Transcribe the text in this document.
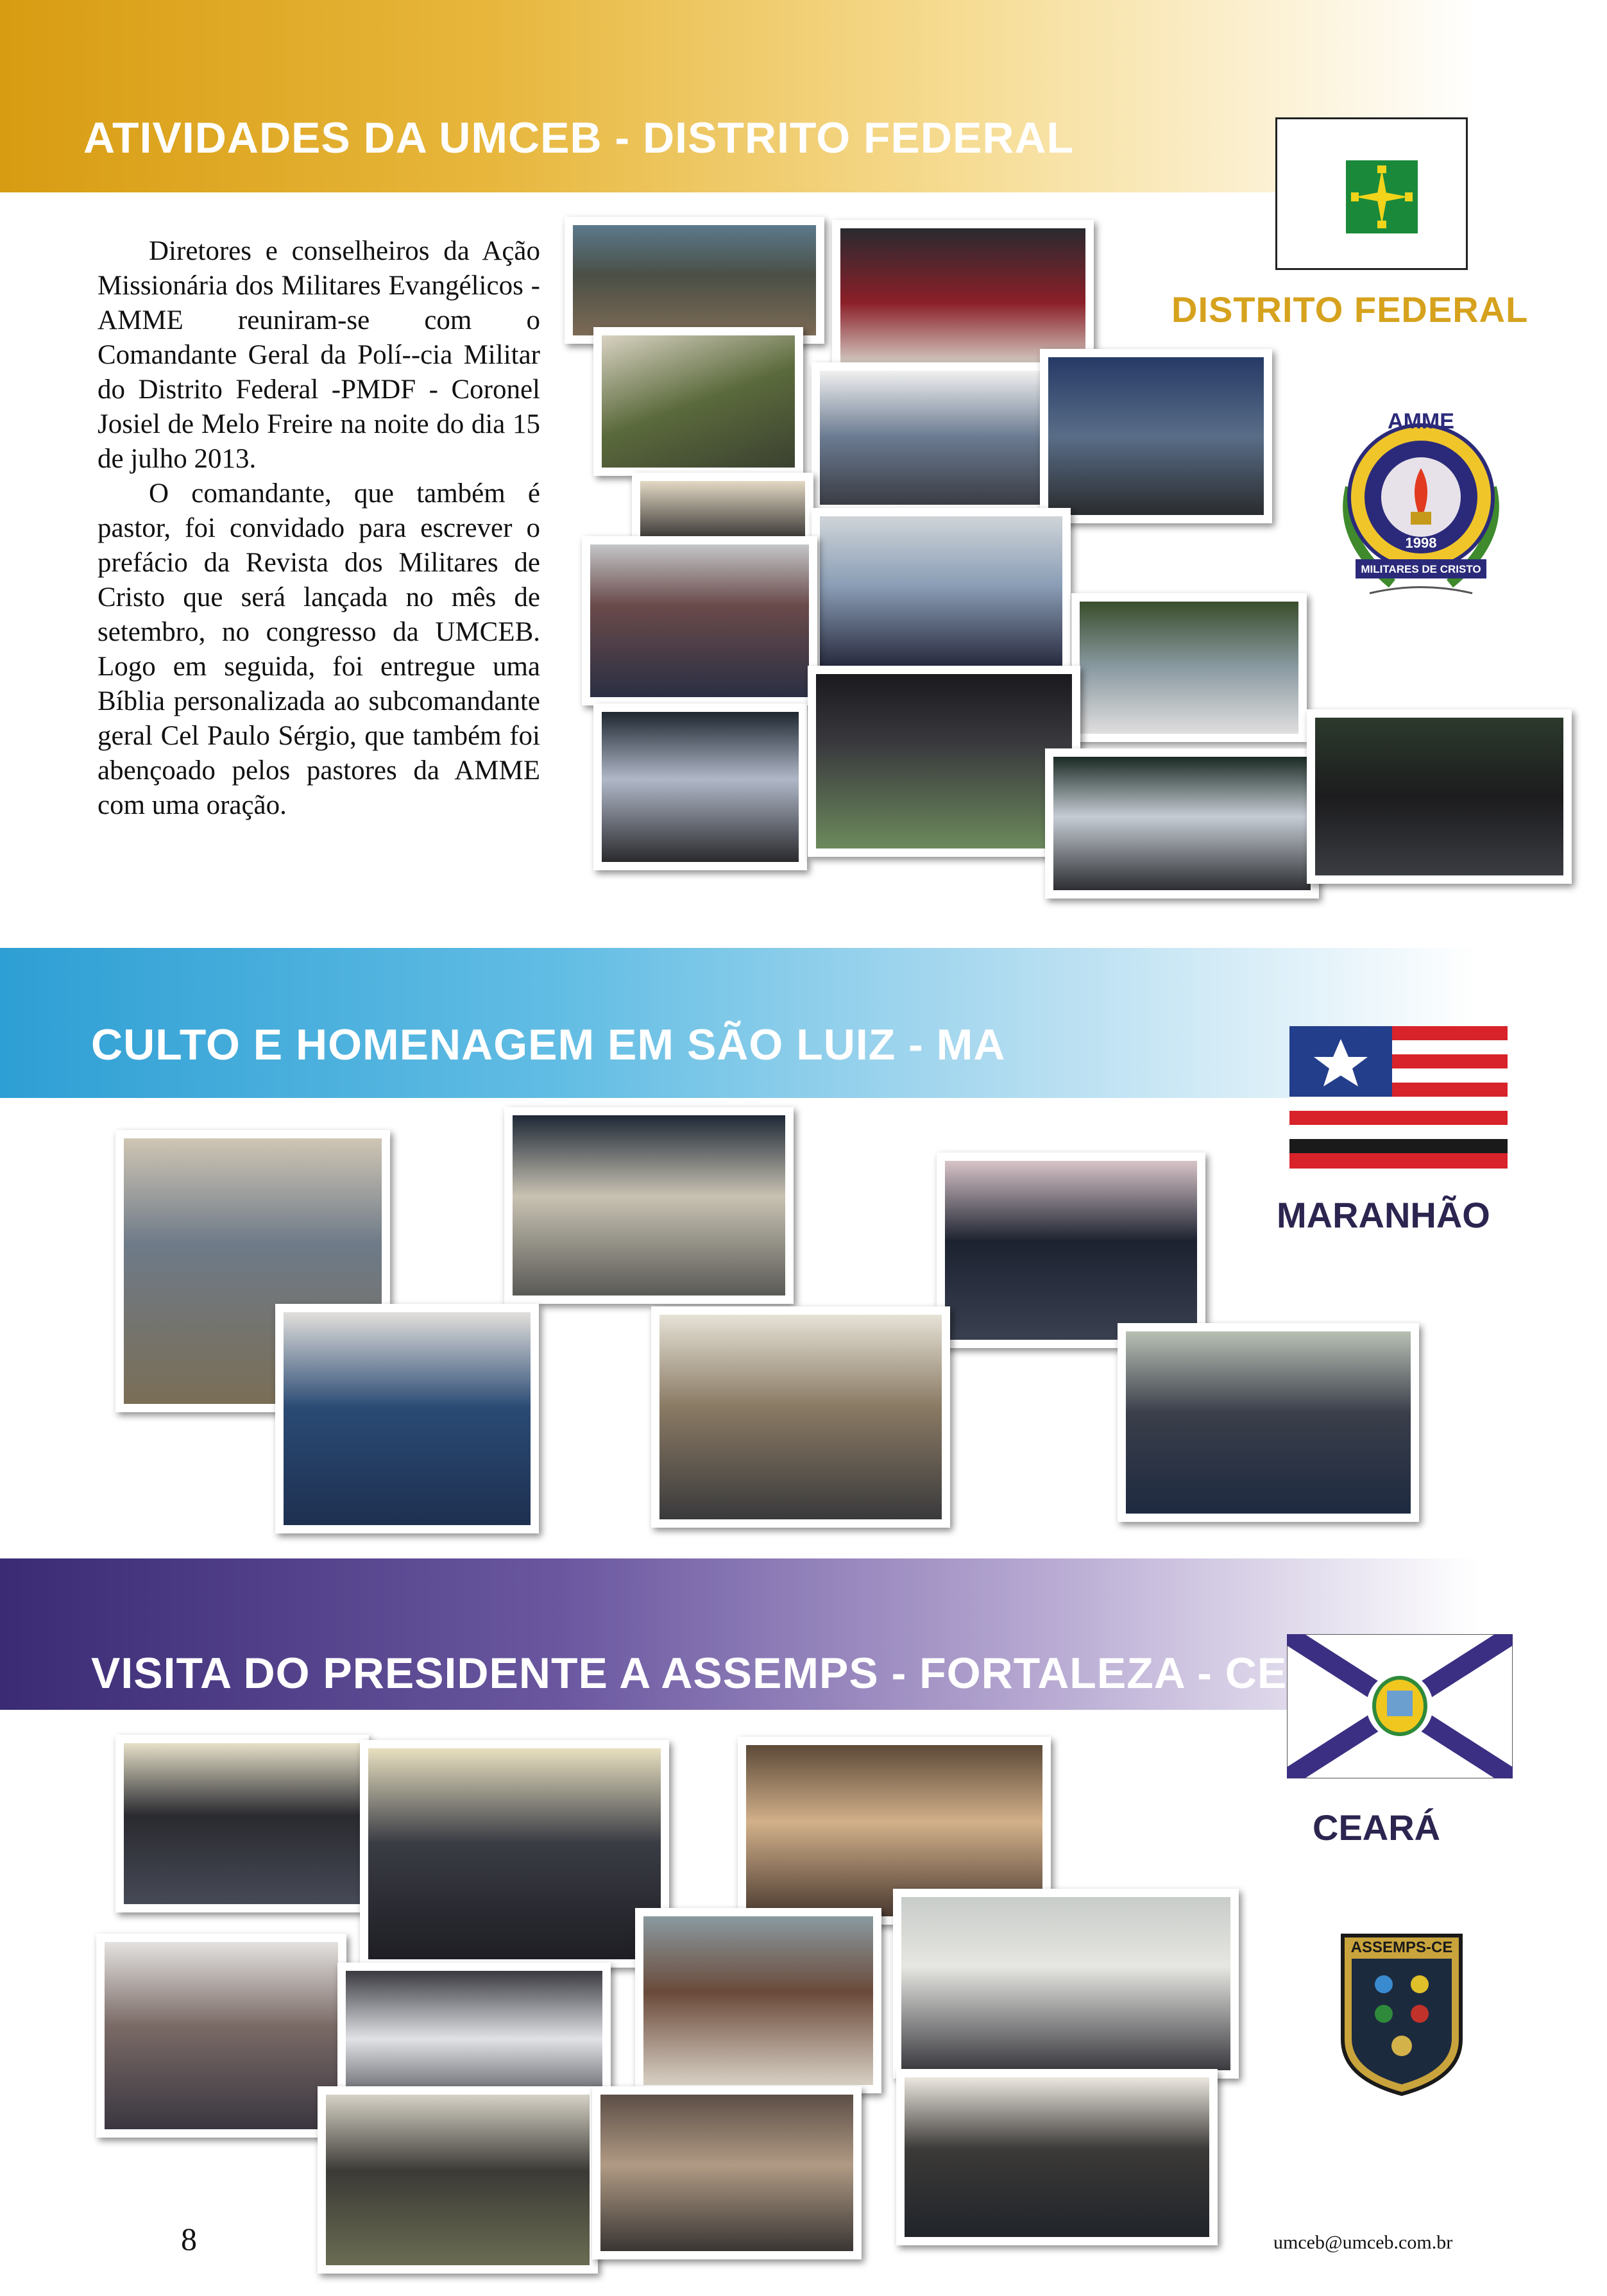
ATIVIDADES DA UMCEB - DISTRITO FEDERAL
DISTRITO FEDERAL
AMME
1998
MILITARES DE CRISTO

Diretores e conselheiros da Ação Missionária dos Militares Evangélicos - AMME reuniram-se com o Comandante Geral da Polí--cia Militar do Distrito Federal -PMDF - Coronel Josiel de Melo Freire na noite do dia 15 de julho 2013.

O comandante, que também é pastor, foi convidado para escrever o prefácio da Revista dos Militares de Cristo que será lançada no mês de setembro, no congresso da UMCEB. Logo em seguida, foi entregue uma Bíblia personalizada ao subcomandante geral Cel Paulo Sérgio, que também foi abençoado pelos pastores da AMME com uma oração.

CULTO E HOMENAGEM EM SÃO LUIZ - MA
MARANHÃO
VISITA DO PRESIDENTE A ASSEMPS - FORTALEZA - CE
CEARÁ
ASSEMPS-CE
8	umceb@umceb.com.br
